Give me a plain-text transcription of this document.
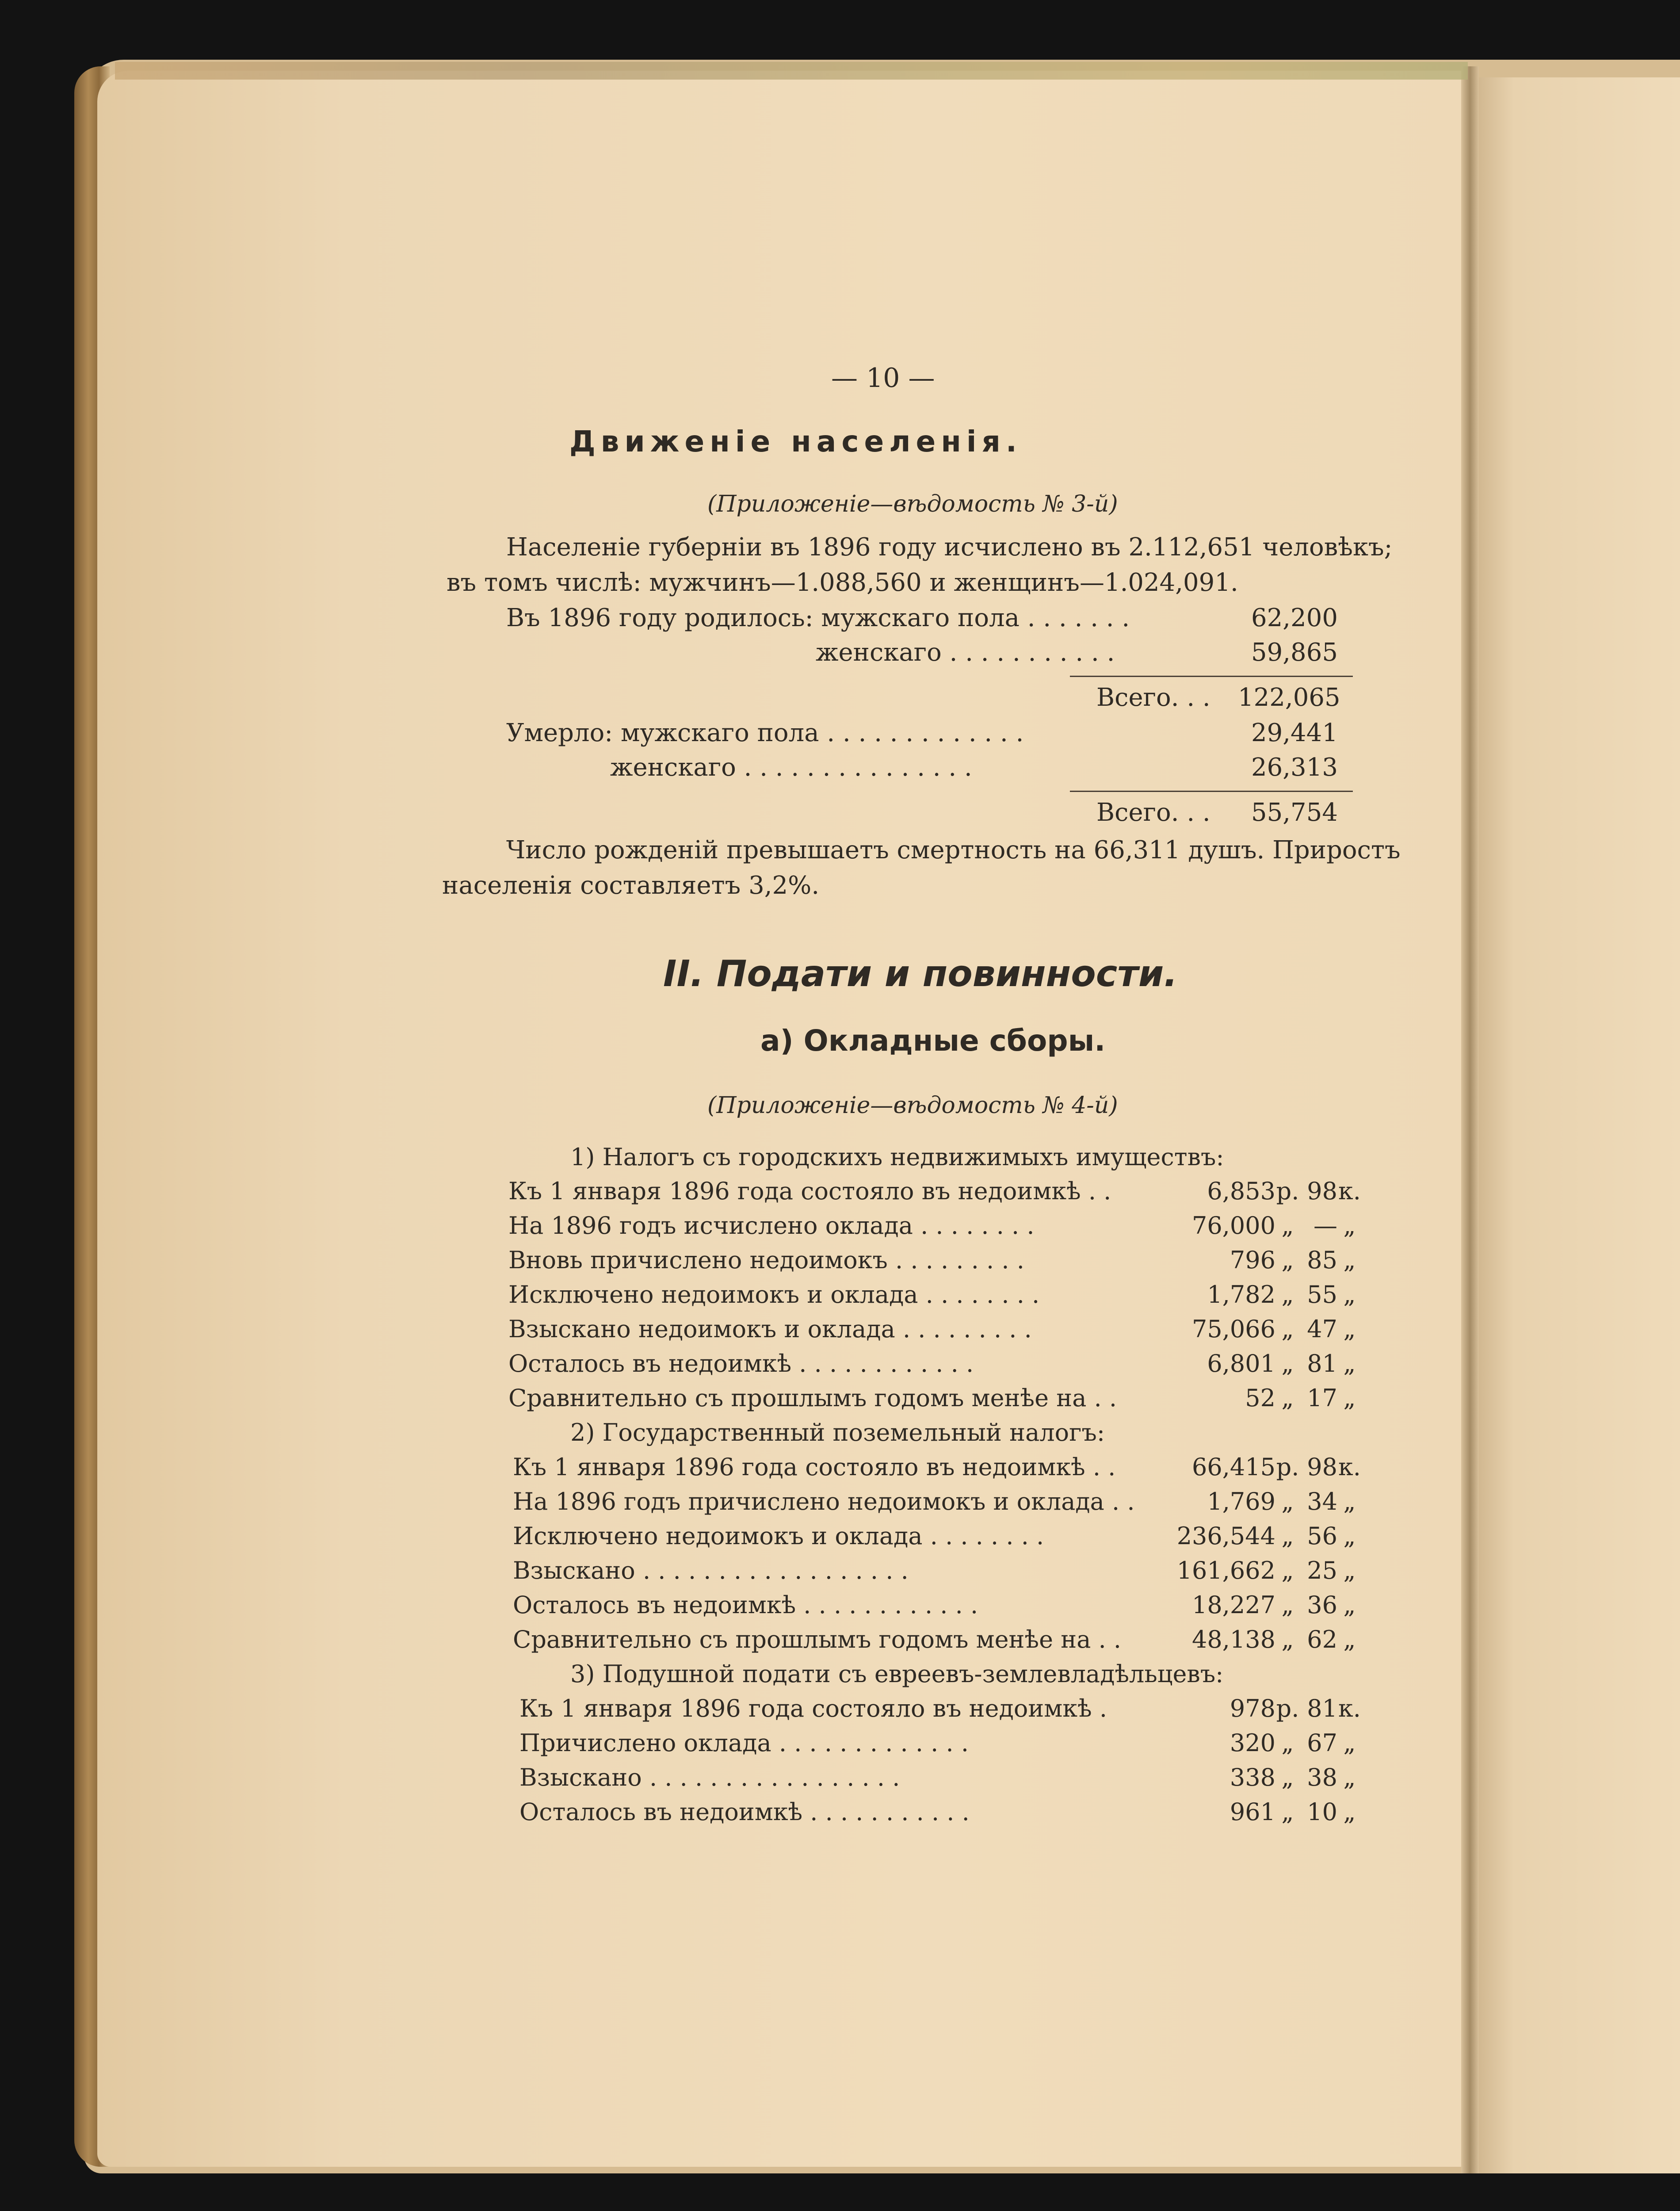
— 10 —
Движеніе населенія.
(Приложеніе—вѣдомость № 3-й)
Населеніе губерніи въ 1896 году исчислено въ 2.112,651 человѣкъ;
въ томъ числѣ: мужчинъ—1.088,560 и женщинъ—1.024,091.
Въ 1896 году родилось: мужскаго пола . . . . . . .	62,200
женскаго . . . . . . . . . . .	59,865
Всего. . . 122,065
Умерло: мужскаго пола . . . . . . . . . . . . .	29,441
женскаго . . . . . . . . . . . . . . .	26,313
Всего. . . 55,754
Число рожденій превышаетъ смертность на 66,311 душъ. Приростъ
населенія составляетъ 3,2%.
II. Подати и повинности.
а) Окладные сборы.
(Приложеніе—вѣдомость № 4-й)
1) Налогъ съ городскихъ недвижимыхъ имуществъ:
Къ 1 января 1896 года состояло въ недоимкѣ . .	6,853 р. 98 к.
На 1896 годъ исчислено оклада . . . . . . . .	76,000 „ — „
Вновь причислено недоимокъ . . . . . . . . .	796 „ 85 „
Исключено недоимокъ и оклада . . . . . . . .	1,782 „ 55 „
Взыскано недоимокъ и оклада . . . . . . . . .	75,066 „ 47 „
Осталось въ недоимкѣ . . . . . . . . . . . .	6,801 „ 81 „
Сравнительно съ прошлымъ годомъ менѣе на . .	52 „ 17 „
2) Государственный поземельный налогъ:
Къ 1 января 1896 года состояло въ недоимкѣ . .	66,415 р. 98 к.
На 1896 годъ причислено недоимокъ и оклада . .	1,769 „ 34 „
Исключено недоимокъ и оклада . . . . . . . .	236,544 „ 56 „
Взыскано . . . . . . . . . . . . . . . . . .	161,662 „ 25 „
Осталось въ недоимкѣ . . . . . . . . . . . .	18,227 „ 36 „
Сравнительно съ прошлымъ годомъ менѣе на . .	48,138 „ 62 „
3) Подушной подати съ евреевъ-землевладѣльцевъ:
Къ 1 января 1896 года состояло въ недоимкѣ .	978 р. 81 к.
Причислено оклада . . . . . . . . . . . . .	320 „ 67 „
Взыскано . . . . . . . . . . . . . . . . .	338 „ 38 „
Осталось въ недоимкѣ . . . . . . . . . . .	961 „ 10 „
